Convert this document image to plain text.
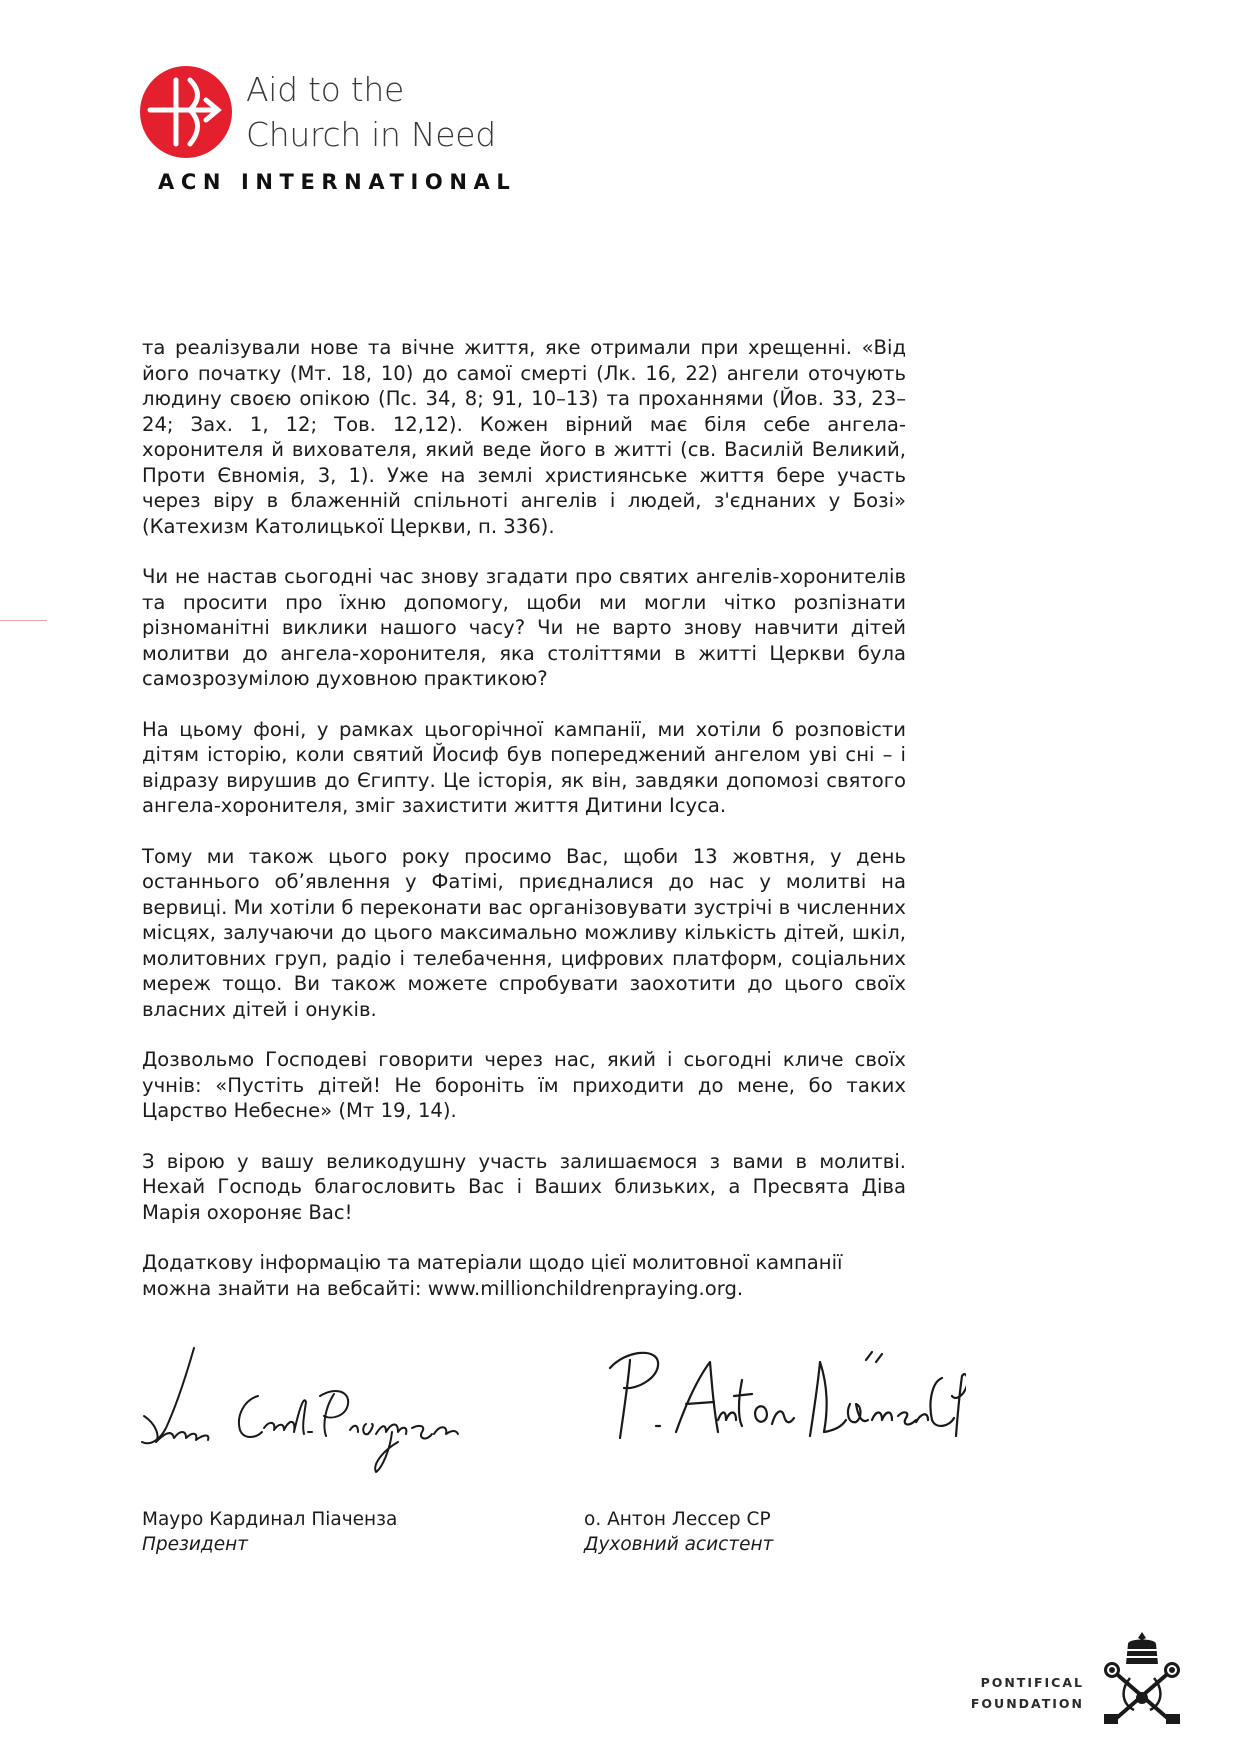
Aid to the
Church in Need
ACN INTERNATIONAL

та реалізували нове та вічне життя, яке отримали при хрещенні. «Від його початку (Мт. 18, 10) до самої смерті (Лк. 16, 22) ангели оточують людину своєю опікою (Пс. 34, 8; 91, 10–13) та проханнями (Йов. 33, 23–24; Зах. 1, 12; Тов. 12,12). Кожен вірний має біля себе ангела-хоронителя й вихователя, який веде його в житті (св. Василій Великий, Проти Євномія, 3, 1). Уже на землі християнське життя бере участь через віру в блаженній спільноті ангелів і людей, з'єднаних у Бозі» (Катехизм Католицької Церкви, п. 336).

Чи не настав сьогодні час знову згадати про святих ангелів-хоронителів та просити про їхню допомогу, щоби ми могли чітко розпізнати різноманітні виклики нашого часу? Чи не варто знову навчити дітей молитви до ангела-хоронителя, яка століттями в житті Церкви була самозрозумілою духовною практикою?

На цьому фоні, у рамках цьогорічної кампанії, ми хотіли б розповісти дітям історію, коли святий Йосиф був попереджений ангелом уві сні – і відразу вирушив до Єгипту. Це історія, як він, завдяки допомозі святого ангела-хоронителя, зміг захистити життя Дитини Ісуса.

Тому ми також цього року просимо Вас, щоби 13 жовтня, у день останнього об’явлення у Фатімі, приєдналися до нас у молитві на вервиці. Ми хотіли б переконати вас організовувати зустрічі в численних місцях, залучаючи до цього максимально можливу кількість дітей, шкіл, молитовних груп, радіо і телебачення, цифрових платформ, соціальних мереж тощо. Ви також можете спробувати заохотити до цього своїх власних дітей і онуків.

Дозвольмо Господеві говорити через нас, який і сьогодні кличе своїх учнів: «Пустіть дітей! Не бороніть їм приходити до мене, бо таких Царство Небесне» (Мт 19, 14).

З вірою у вашу великодушну участь залишаємося з вами в молитві. Нехай Господь благословить Вас і Ваших близьких, а Пресвята Діва Марія охороняє Вас!

Додаткову інформацію та матеріали щодо цієї молитовної кампанії можна знайти на вебсайті: www.millionchildrenpraying.org.

Мауро Кардинал Піаченза
Президент
о. Антон Лессер СР
Духовний асистент
PONTIFICAL
FOUNDATION
